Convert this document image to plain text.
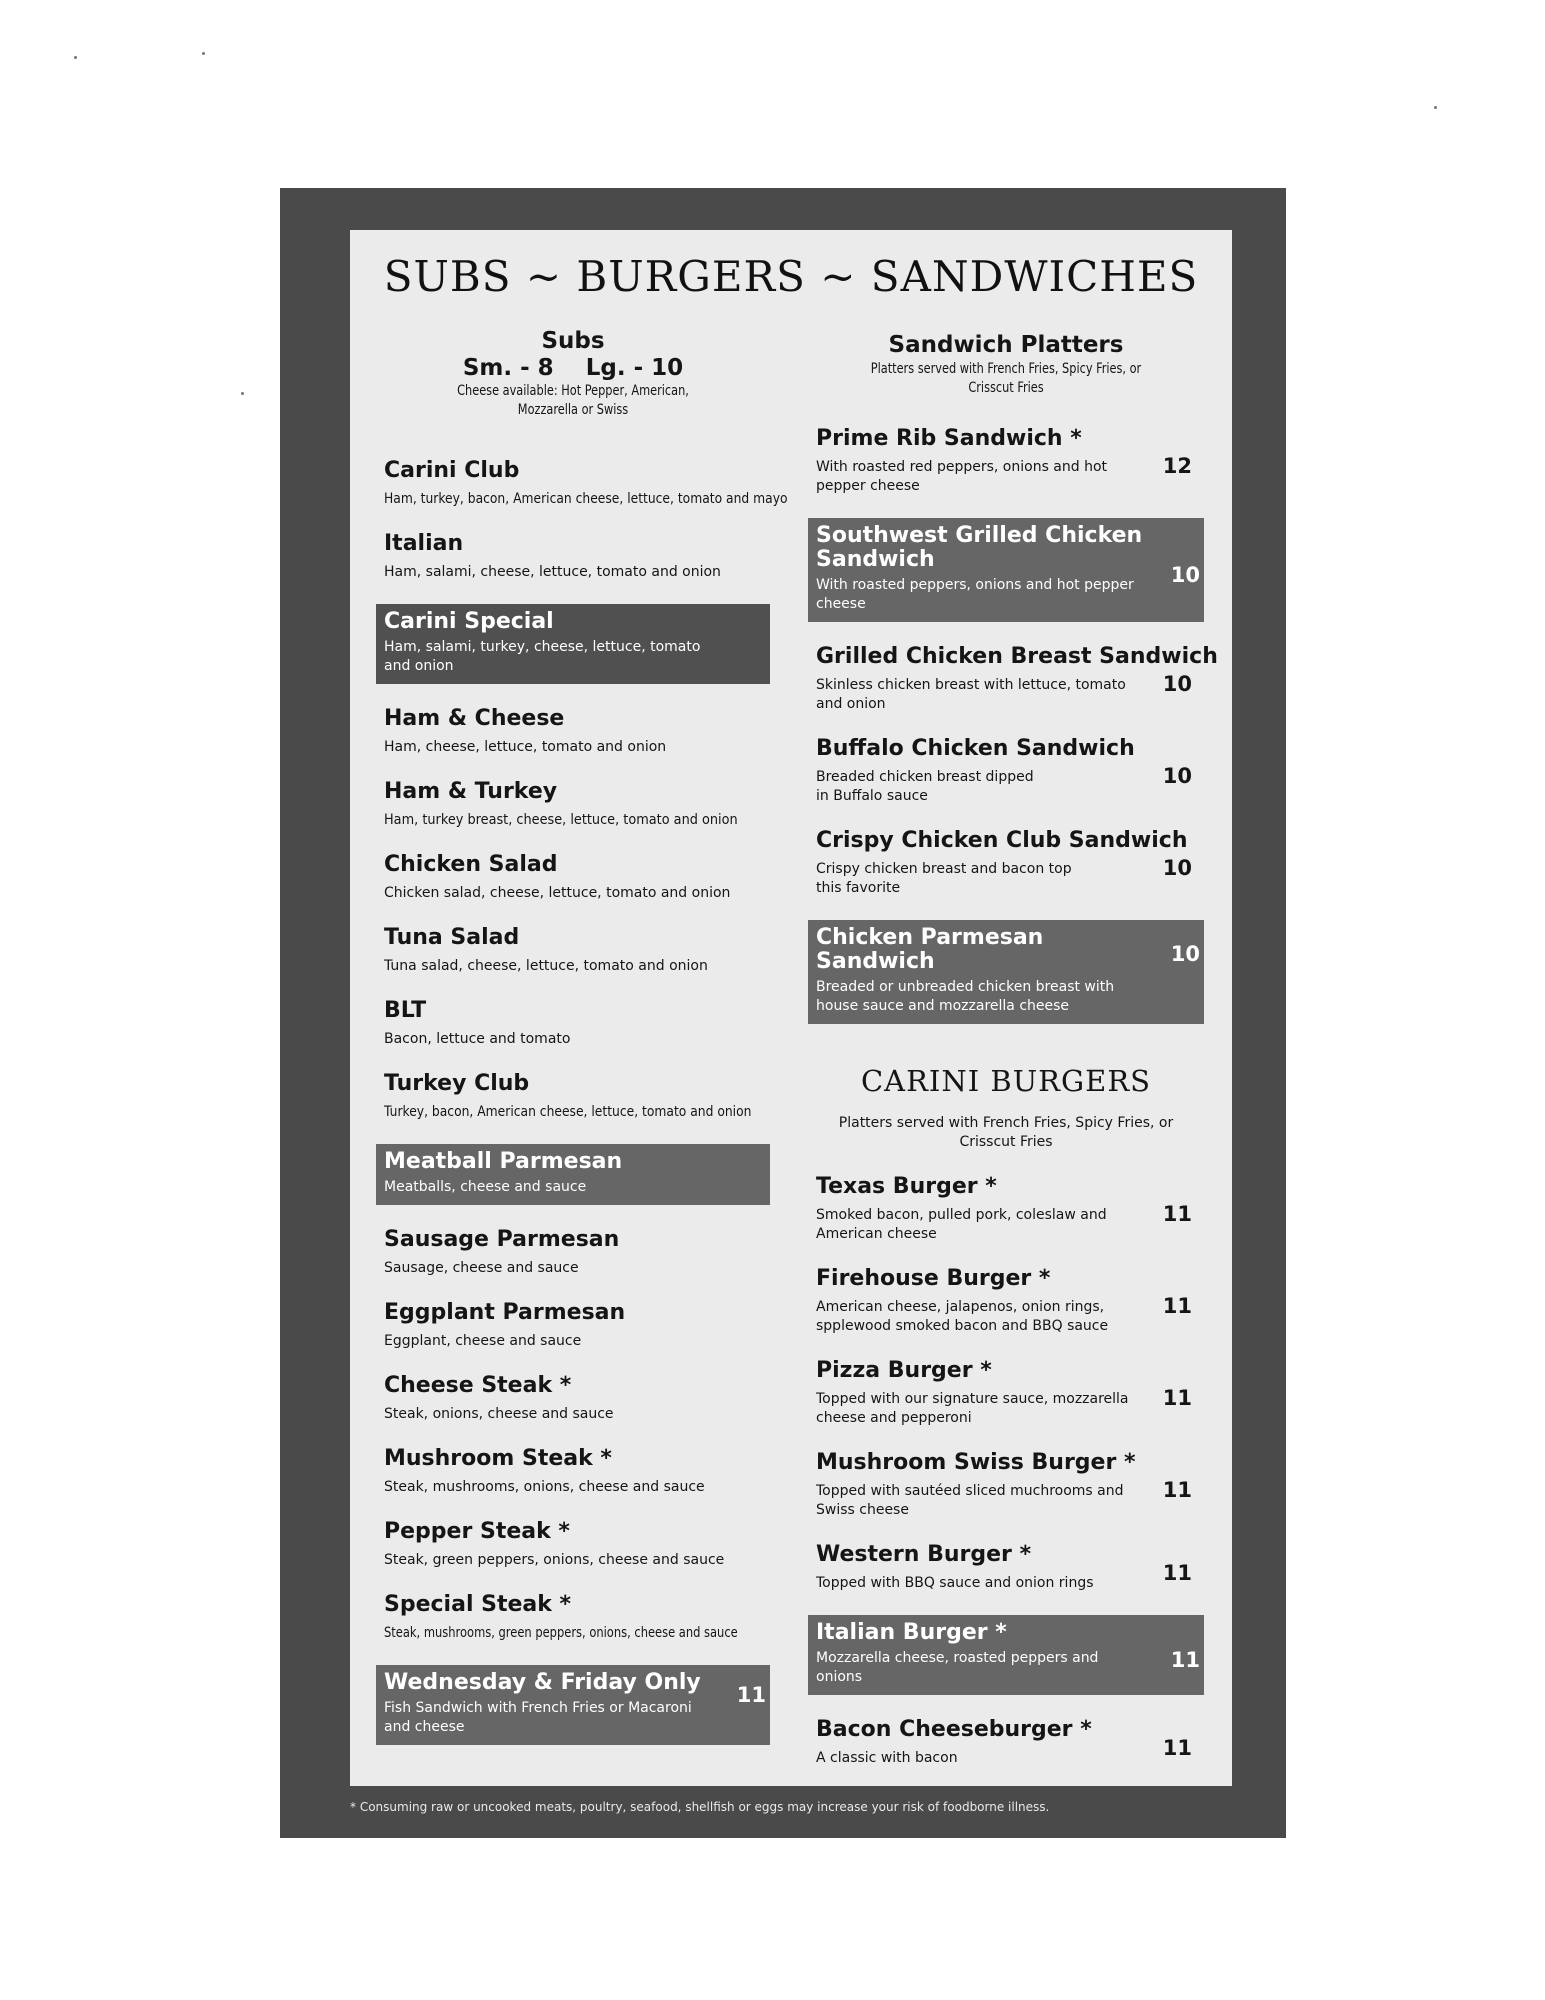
SUBS ~ BURGERS ~ SANDWICHES
Subs
Sm. - 8    Lg. - 10
Cheese available: Hot Pepper, American, Mozzarella or Swiss
Carini Club
Ham, turkey, bacon, American cheese, lettuce, tomato and mayo
Italian
Ham, salami, cheese, lettuce, tomato and onion
Carini Special
Ham, salami, turkey, cheese, lettuce, tomato and onion
Ham & Cheese
Ham, cheese, lettuce, tomato and onion
Ham & Turkey
Ham, turkey breast, cheese, lettuce, tomato and onion
Chicken Salad
Chicken salad, cheese, lettuce, tomato and onion
Tuna Salad
Tuna salad, cheese, lettuce, tomato and onion
BLT
Bacon, lettuce and tomato
Turkey Club
Turkey, bacon, American cheese, lettuce, tomato and onion
Meatball Parmesan
Meatballs, cheese and sauce
Sausage Parmesan
Sausage, cheese and sauce
Eggplant Parmesan
Eggplant, cheese and sauce
Cheese Steak *
Steak, onions, cheese and sauce
Mushroom Steak *
Steak, mushrooms, onions, cheese and sauce
Pepper Steak *
Steak, green peppers, onions, cheese and sauce
Special Steak *
Steak, mushrooms, green peppers, onions, cheese and sauce
Wednesday & Friday Only
Fish Sandwich with French Fries or Macaroni and cheese
11
Sandwich Platters
Platters served with French Fries, Spicy Fries, or Crisscut Fries
Prime Rib Sandwich *
With roasted red peppers, onions and hot pepper cheese
12
Southwest Grilled Chicken Sandwich
With roasted peppers, onions and hot pepper cheese
10
Grilled Chicken Breast Sandwich
Skinless chicken breast with lettuce, tomato and onion
10
Buffalo Chicken Sandwich
Breaded chicken breast dipped in Buffalo sauce
10
Crispy Chicken Club Sandwich
Crispy chicken breast and bacon top this favorite
10
Chicken Parmesan Sandwich
Breaded or unbreaded chicken breast with house sauce and mozzarella cheese
10
CARINI BURGERS
Platters served with French Fries, Spicy Fries, or Crisscut Fries
Texas Burger *
Smoked bacon, pulled pork, coleslaw and American cheese
11
Firehouse Burger *
American cheese, jalapenos, onion rings, spplewood smoked bacon and BBQ sauce
11
Pizza Burger *
Topped with our signature sauce, mozzarella cheese and pepperoni
11
Mushroom Swiss Burger *
Topped with sautéed sliced muchrooms and Swiss cheese
11
Western Burger *
Topped with BBQ sauce and onion rings	11
Italian Burger *
Mozzarella cheese, roasted peppers and onions
11
Bacon Cheeseburger *
A classic with bacon	11
* Consuming raw or uncooked meats, poultry, seafood, shellfish or eggs may increase your risk of foodborne illness.
